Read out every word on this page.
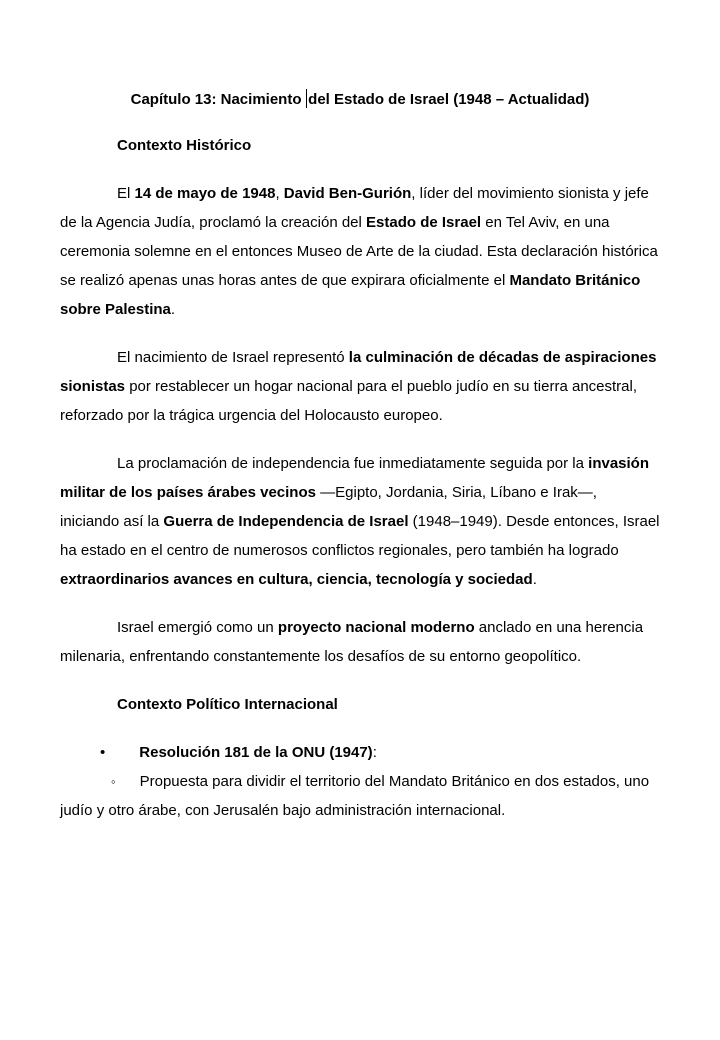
Capítulo 13: Nacimiento del Estado de Israel (1948 – Actualidad)
Contexto Histórico
El 14 de mayo de 1948, David Ben-Gurión, líder del movimiento sionista y jefe de la Agencia Judía, proclamó la creación del Estado de Israel en Tel Aviv, en una ceremonia solemne en el entonces Museo de Arte de la ciudad. Esta declaración histórica se realizó apenas unas horas antes de que expirara oficialmente el Mandato Británico sobre Palestina.
El nacimiento de Israel representó la culminación de décadas de aspiraciones sionistas por restablecer un hogar nacional para el pueblo judío en su tierra ancestral, reforzado por la trágica urgencia del Holocausto europeo.
La proclamación de independencia fue inmediatamente seguida por la invasión militar de los países árabes vecinos —Egipto, Jordania, Siria, Líbano e Irak—, iniciando así la Guerra de Independencia de Israel (1948–1949). Desde entonces, Israel ha estado en el centro de numerosos conflictos regionales, pero también ha logrado extraordinarios avances en cultura, ciencia, tecnología y sociedad.
Israel emergió como un proyecto nacional moderno anclado en una herencia milenaria, enfrentando constantemente los desafíos de su entorno geopolítico.
Contexto Político Internacional
• Resolución 181 de la ONU (1947):
◦ Propuesta para dividir el territorio del Mandato Británico en dos estados, uno judío y otro árabe, con Jerusalén bajo administración internacional.
